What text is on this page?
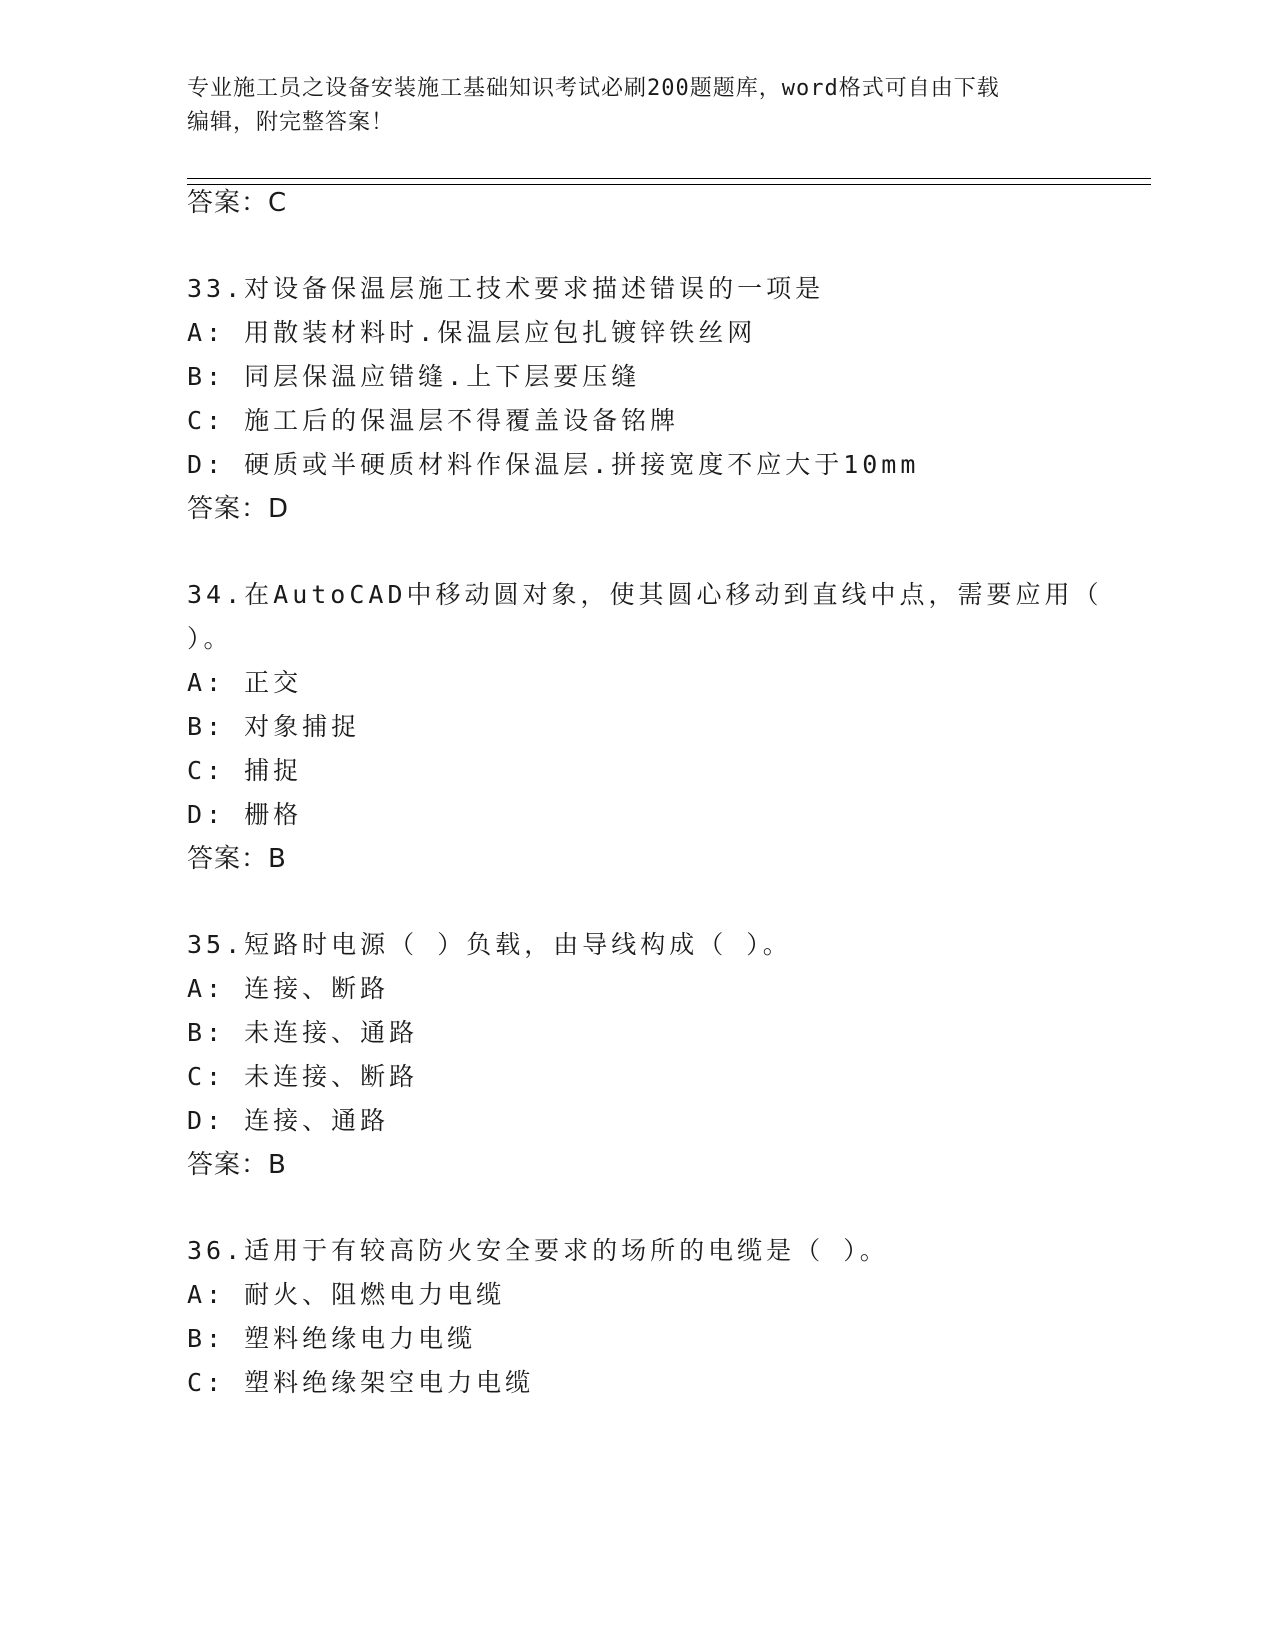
专业施工员之设备安装施工基础知识考试必刷200题题库，word格式可自由下载
编辑，附完整答案！

答案：C

33.对设备保温层施工技术要求描述错误的一项是

A: 用散装材料时.保温层应包扎镀锌铁丝网

B: 同层保温应错缝.上下层要压缝

C: 施工后的保温层不得覆盖设备铭牌

D: 硬质或半硬质材料作保温层.拼接宽度不应大于10mm

答案：D

34.在AutoCAD中移动圆对象，使其圆心移动到直线中点，需要应用（

）。

A: 正交

B: 对象捕捉

C: 捕捉

D: 栅格

答案：B

35.短路时电源（ ）负载，由导线构成（ ）。

A: 连接、断路

B: 未连接、通路

C: 未连接、断路

D: 连接、通路

答案：B

36.适用于有较高防火安全要求的场所的电缆是（ ）。

A: 耐火、阻燃电力电缆

B: 塑料绝缘电力电缆

C: 塑料绝缘架空电力电缆
